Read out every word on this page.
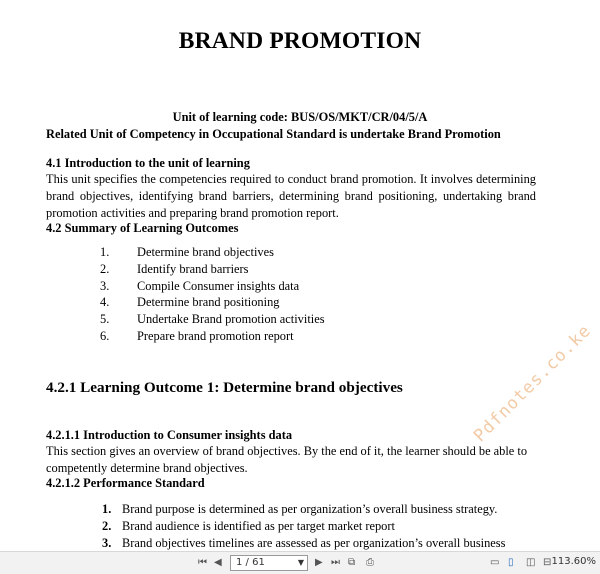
BRAND PROMOTION
Unit of learning code: BUS/OS/MKT/CR/04/5/A
Related Unit of Competency in Occupational Standard is undertake Brand Promotion
4.1 Introduction to the unit of learning
This unit specifies the competencies required to conduct brand promotion. It involves determining brand objectives, identifying brand barriers, determining brand positioning, undertaking brand promotion activities and preparing brand promotion report.
4.2 Summary of Learning Outcomes
1. Determine brand objectives
2. Identify brand barriers
3. Compile Consumer insights data
4. Determine brand positioning
5. Undertake Brand promotion activities
6. Prepare brand promotion report
4.2.1 Learning Outcome 1: Determine brand objectives
4.2.1.1 Introduction to Consumer insights data
This section gives an overview of brand objectives. By the end of it, the learner should be able to competently determine brand objectives.
4.2.1.2 Performance Standard
1. Brand purpose is determined as per organization’s overall business strategy.
2. Brand audience is identified as per target market report
3. Brand objectives timelines are assessed as per organization’s overall business
Pdfnotes.co.ke
⏮ ◀ 1 / 61	▼ ▶ ⏭ ⧉ ⎙	▭ ▯ ◫ ⊟ 113.60%
